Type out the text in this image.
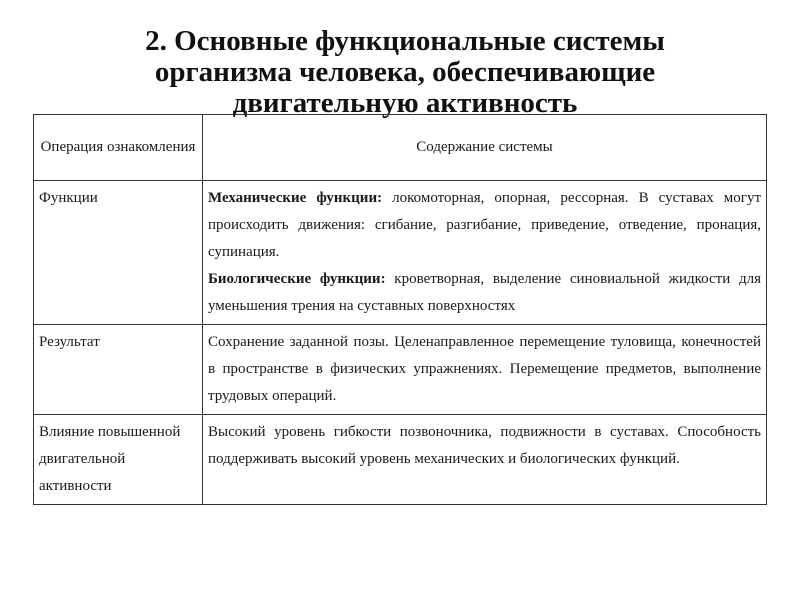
2. Основные функциональные системы
организма человека, обеспечивающие
двигательную активность
Операция ознакомления	Содержание системы
Функции	Механические функции: локомоторная, опорная, рессорная. В суставах могут происходить движения: сгибание, разгибание, приведение, отведение, пронация, супинация.

Биологические функции: кроветворная, выделение синовиальной жидкости для уменьшения трения на суставных поверхностях

Результат	Сохранение заданной позы. Целенаправленное перемещение туловища, конечностей в пространстве в физических упражнениях. Перемещение предметов, выполнение трудовых операций.
Влияние повышенной двигательной активности	Высокий уровень гибкости позвоночника, подвижности в суставах. Способность поддерживать высокий уровень механических и биологических функций.
